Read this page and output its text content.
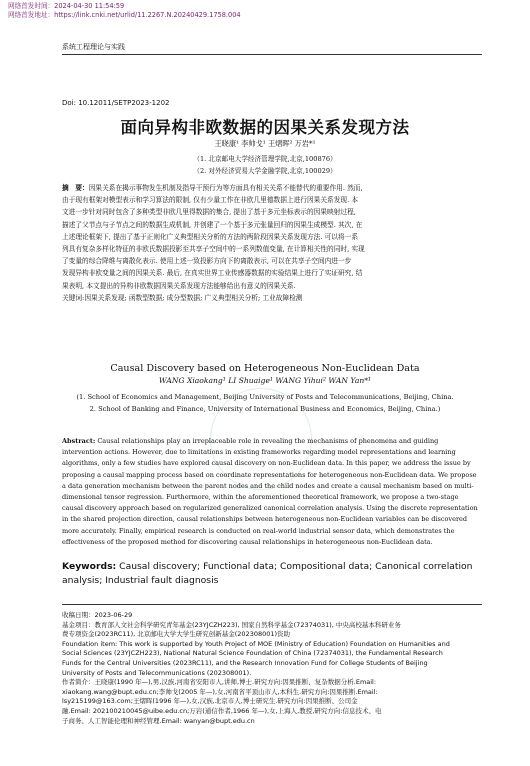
网络首发时间：2024-04-30 11:54:59
网络首发地址：https://link.cnki.net/urlid/11.2267.N.20240429.1758.004
系统工程理论与实践
Doi: 10.12011/SETP2023-1202
面向异构非欧数据的因果关系发现方法
王晓康¹ 李帅戈¹ 王熠晖² 万岩*¹
（1. 北京邮电大学经济管理学院,北京,100876）
（2. 对外经济贸易大学金融学院,北京,100029）
摘　要：因果关系在揭示事物发生机制及指导干预行为等方面具有相关关系不能替代的重要作用. 然而,
由于现有框架对模型表示和学习算法的限制, 仅有少量工作在非欧几里德数据上进行因果关系发现. 本
文进一步针对同时包含了多种类型非欧几里得数据的集合, 提出了基于多元坐标表示的因果映射过程,
描述了父节点与子节点之间的数据生成机制, 并创建了一个基于多元张量回归的因果生成模型. 其次, 在
上述理论框架下, 提出了基于正则化广义典型相关分析的方法的两阶段因果关系发现方法. 可以将一系
列具有复杂多样化特征的非欧氏数据投影至共享子空间中的一系列数值变量, 在计算相关性的同时, 实现
了变量的综合降维与离散化表示. 使用上述一致投影方向下的离散表示, 可以在共享子空间内进一步
发现异构非欧变量之间的因果关系. 最后, 在真实世界工业传感器数据的实验结果上进行了实证研究, 结
果表明, 本文提出的异构非欧数据因果关系发现方法能够给出有意义的因果关系.
关键词:因果关系发现; 函数型数据; 成分型数据; 广义典型相关分析; 工业故障检测
Causal Discovery based on Heterogeneous Non-Euclidean Data
WANG Xiaokang¹ LI Shuaige¹ WANG Yihui² WAN Yan*¹
(1. School of Economics and Management, Beijing University of Posts and Telecommunications, Beijing, China.
2. School of Banking and Finance, University of International Business and Economics, Beijing, China.)
Abstract: Causal relationships play an irreplaceable role in revealing the mechanisms of phenomena and guiding
intervention actions. However, due to limitations in existing frameworks regarding model representations and learning
algorithms, only a few studies have explored causal discovery on non-Euclidean data. In this paper, we address the issue by
proposing a causal mapping process based on coordinate representations for heterogeneous non-Euclidean data. We propose
a data generation mechanism between the parent nodes and the child nodes and create a causal mechanism based on multi-
dimensional tensor regression. Furthermore, within the aforementioned theoretical framework, we propose a two-stage
causal discovery approach based on regularized generalized canonical correlation analysis. Using the discrete representation
in the shared projection direction, causal relationships between heterogeneous non-Euclidean variables can be discovered
more accurately. Finally, empirical research is conducted on real-world industrial sensor data, which demonstrates the
effectiveness of the proposed method for discovering causal relationships in heterogeneous non-Euclidean data.
Keywords: Causal discovery; Functional data; Compositional data; Canonical correlation
analysis; Industrial fault diagnosis
收稿日期：2023-06-29
基金项目：教育部人文社会科学研究青年基金(23YJCZH223), 国家自然科学基金(72374031), 中央高校基本科研业务
费专项资金(2023RC11), 北京邮电大学大学生研究创新基金(202308001)资助
Foundation item: This work is supported by Youth Project of MOE (Ministry of Education) Foundation on Humanities and
Social Sciences (23YJCZH223), National Natural Science Foundation of China (72374031), the Fundamental Research
Funds for the Central Universities (2023RC11), and the Research Innovation Fund for College Students of Beijing
University of Posts and Telecommunications (202308001).
作者简介：王晓康(1990 年—),男,汉族,河南省安阳市人,讲师,博士.研究方向:因果推断、复杂数据分析.Email:
xiaokang.wang@bupt.edu.cn;李帅戈(2005 年—),女,河南省平顶山市人,本科生.研究方向:因果推断.Email:
lsy215199@163.com;王熠晖(1996 年—),女,汉族,北京市人,博士研究生.研究方向:因果推断、公司金
融.Email: 202100210045@uibe.edu.cn;万岩(通信作者,1966 年—),女,上海人,教授,研究方向:信息技术、电
子商务、人工智能伦理和神经管理.Email: wanyan@bupt.edu.cn
